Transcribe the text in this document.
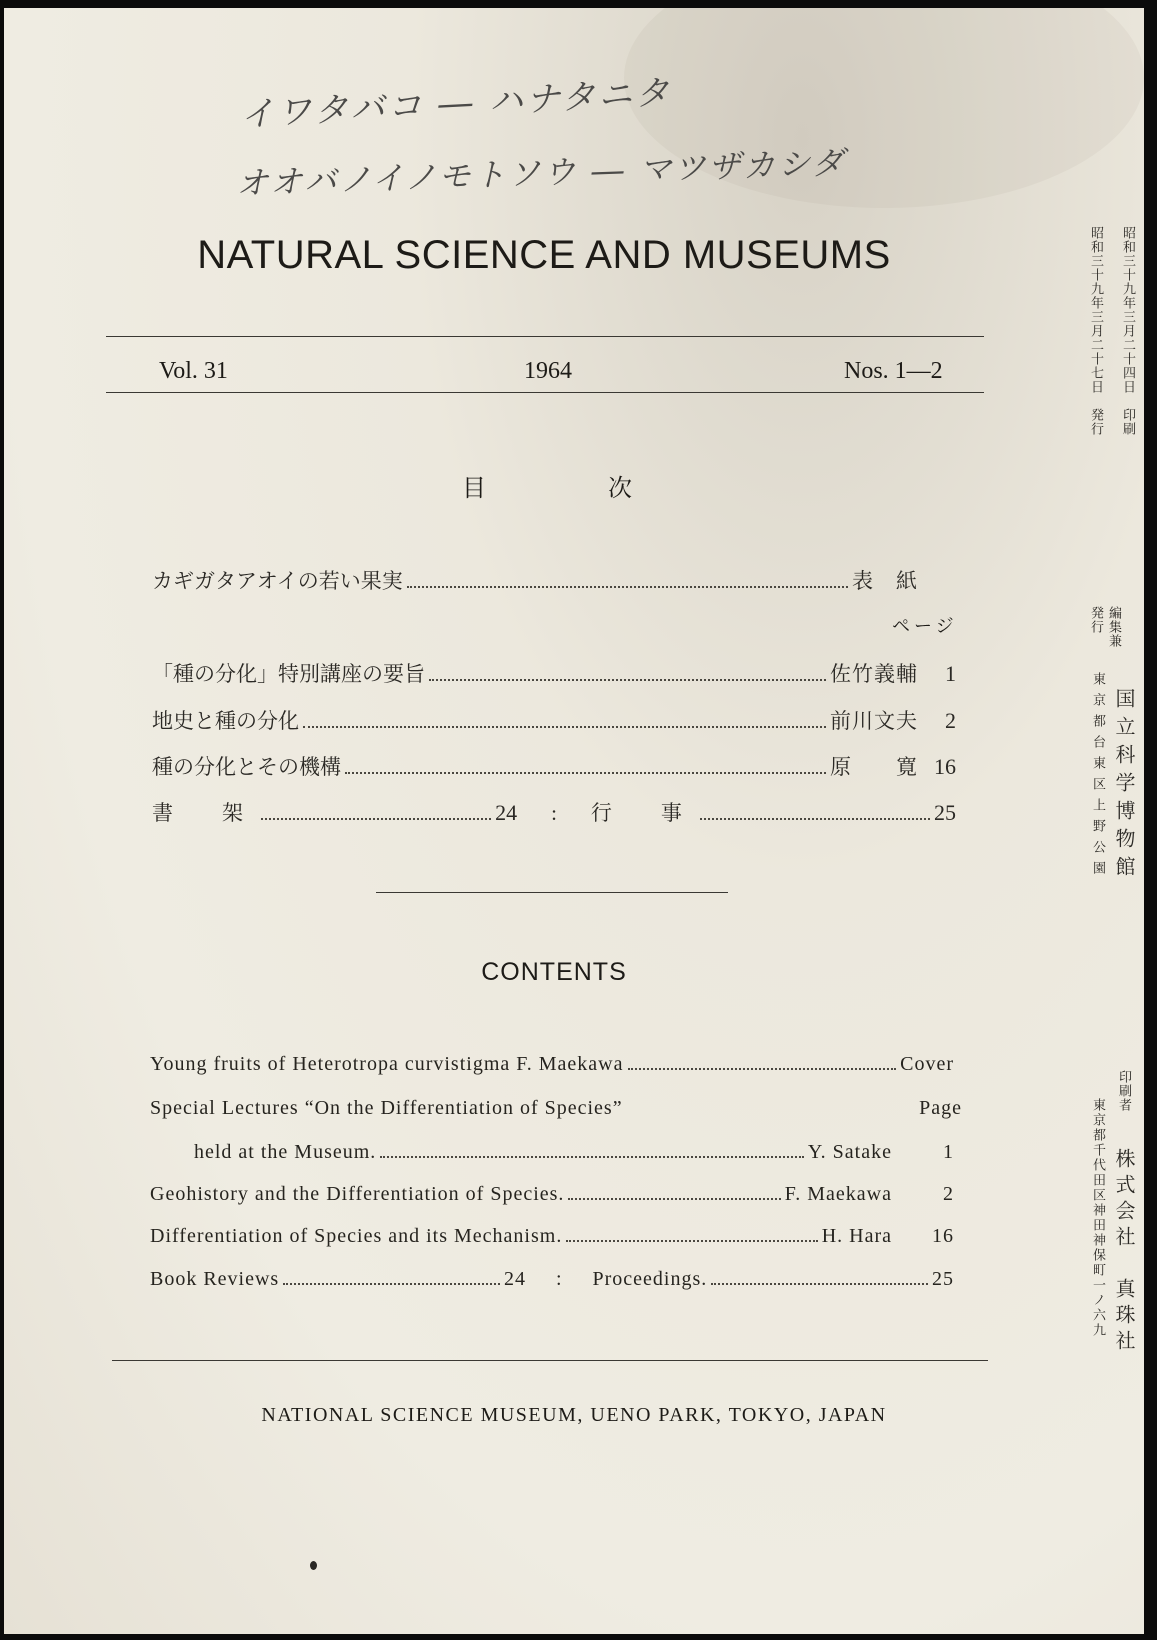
イワタバコ ― ハナタニタ
オオバノイノモトソウ ― マツザカシダ
NATURAL SCIENCE AND MUSEUMS
Vol. 31	1964	Nos. 1—2
目	次
カギガタアオイの若い果実	表　紙
ページ
「種の分化」特別講座の要旨	佐竹義輔	1
地史と種の分化	前川文夫	2
種の分化とその機構	原　　寛 16
書　架	24 : 行　事	25
CONTENTS
Young fruits of Heterotropa curvistigma F. Maekawa	Cover
Special Lectures “On the Differentiation of Species”	Page
held at the Museum.	Y. Satake	1
Geohistory and the Differentiation of Species.	F. Maekawa	2
Differentiation of Species and its Mechanism.	H. Hara	16
Book Reviews	24 : Proceedings.	25
NATIONAL SCIENCE MUSEUM, UENO PARK, TOKYO, JAPAN
昭和三十九年三月二十四日　印刷
昭和三十九年三月二十七日　発行
編集兼
発行
国立科学博物館
東京都台東区上野公園
印刷者
株式会社　真珠社
東京都千代田区神田神保町一ノ六九
